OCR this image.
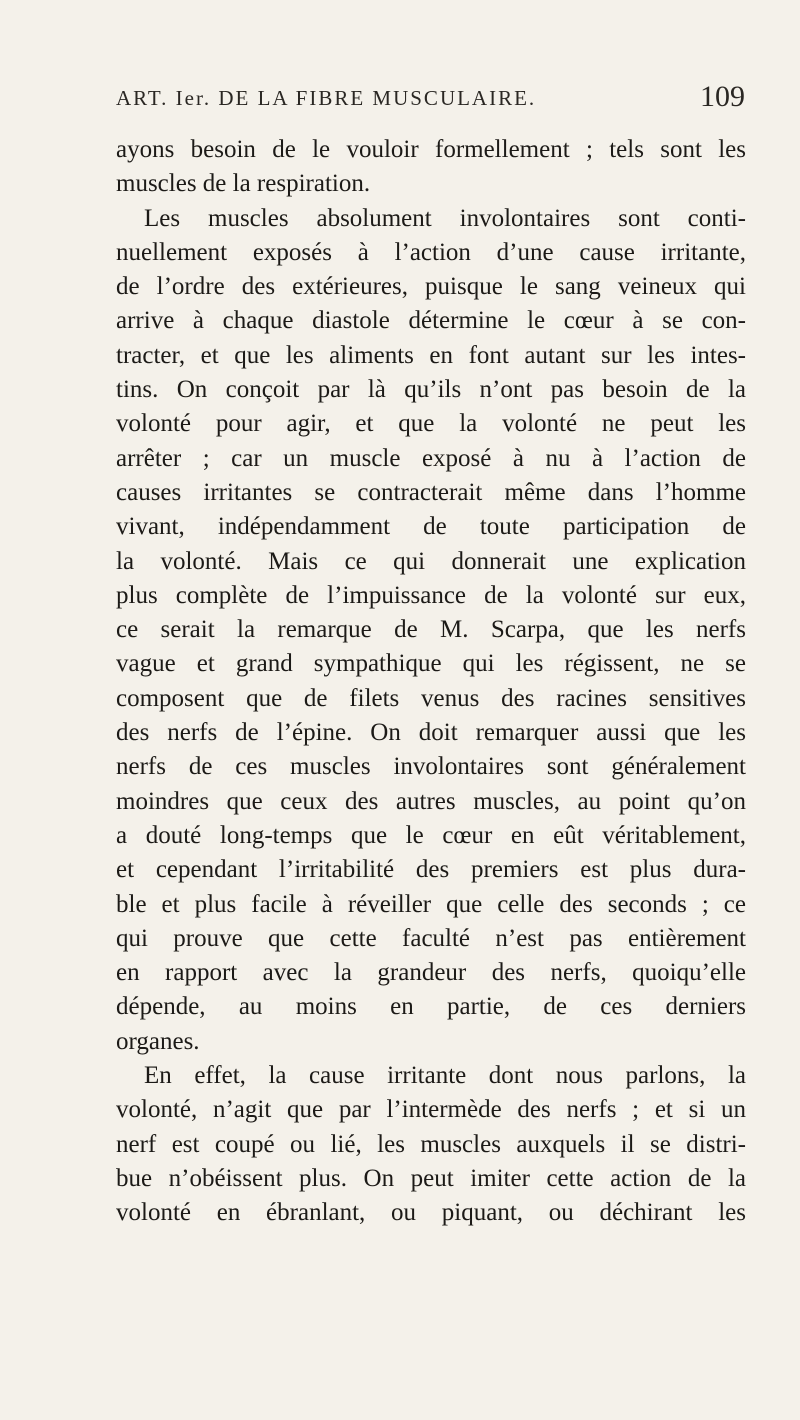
ART. Ier. DE LA FIBRE MUSCULAIRE.	109
ayons besoin de le vouloir formellement ; tels sont les
muscles de la respiration.
Les muscles absolument involontaires sont conti-
nuellement exposés à l’action d’une cause irritante,
de l’ordre des extérieures, puisque le sang veineux qui
arrive à chaque diastole détermine le cœur à se con-
tracter, et que les aliments en font autant sur les intes-
tins. On conçoit par là qu’ils n’ont pas besoin de la
volonté pour agir, et que la volonté ne peut les
arrêter ; car un muscle exposé à nu à l’action de
causes irritantes se contracterait même dans l’homme
vivant, indépendamment de toute participation de
la volonté. Mais ce qui donnerait une explication
plus complète de l’impuissance de la volonté sur eux,
ce serait la remarque de M. Scarpa, que les nerfs
vague et grand sympathique qui les régissent, ne se
composent que de filets venus des racines sensitives
des nerfs de l’épine. On doit remarquer aussi que les
nerfs de ces muscles involontaires sont généralement
moindres que ceux des autres muscles, au point qu’on
a douté long-temps que le cœur en eût véritablement,
et cependant l’irritabilité des premiers est plus dura-
ble et plus facile à réveiller que celle des seconds ; ce
qui prouve que cette faculté n’est pas entièrement
en rapport avec la grandeur des nerfs, quoiqu’elle
dépende, au moins en partie, de ces derniers
organes.
En effet, la cause irritante dont nous parlons, la
volonté, n’agit que par l’intermède des nerfs ; et si un
nerf est coupé ou lié, les muscles auxquels il se distri-
bue n’obéissent plus. On peut imiter cette action de la
volonté en ébranlant, ou piquant, ou déchirant les
